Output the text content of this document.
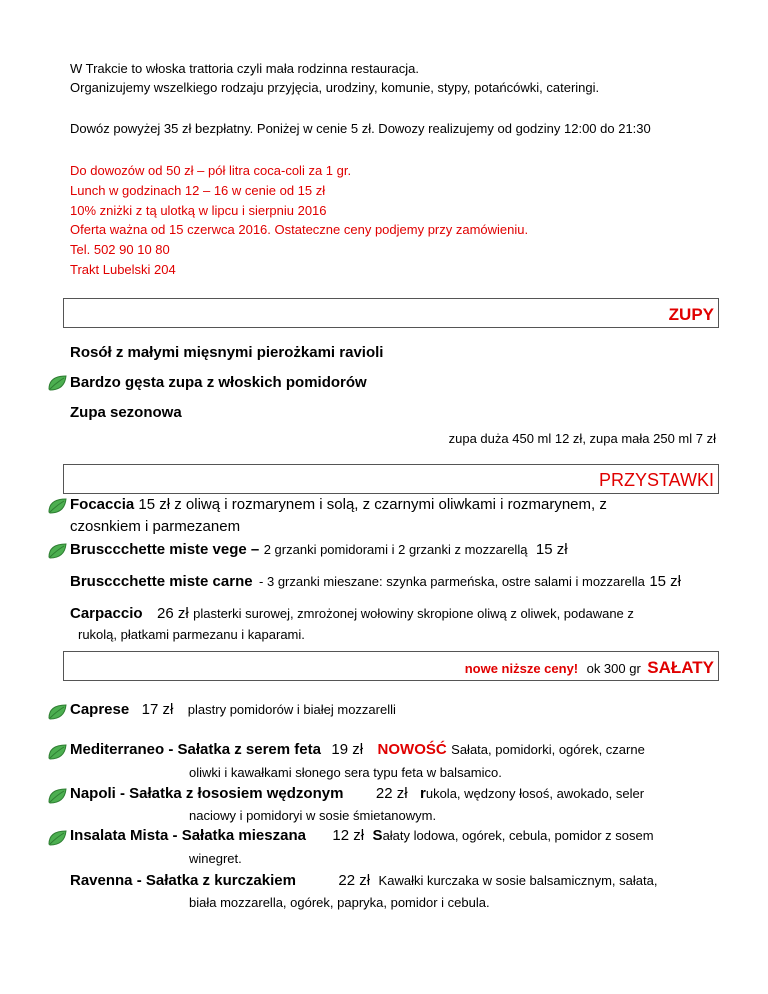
W Trakcie to włoska trattoria czyli mała rodzinna restauracja.
Organizujemy wszelkiego rodzaju przyjęcia, urodziny, komunie, stypy, potańcówki, cateringi.
Dowóz powyżej 35 zł bezpłatny. Poniżej w cenie 5 zł. Dowozy realizujemy od godziny 12:00 do 21:30
Do dowozów od 50 zł – pół litra coca-coli za 1 gr.
Lunch w godzinach 12 – 16 w cenie od 15 zł
10% zniżki z tą ulotką w lipcu i sierpniu 2016
Oferta ważna od 15 czerwca 2016. Ostateczne ceny podjemy przy zamówieniu.
Tel. 502 90 10 80
Trakt Lubelski 204
ZUPY
Rosół z małymi mięsnymi pierożkami ravioli
Bardzo gęsta zupa z włoskich pomidorów
Zupa sezonowa
zupa duża 450 ml 12 zł, zupa mała 250 ml 7 zł
PRZYSTAWKI
Focaccia 15 zł z oliwą i rozmarynem i solą, z czarnymi oliwkami i rozmarynem, z
czosnkiem i parmezanem
Brusccchette miste vege – 2 grzanki pomidorami i 2 grzanki z mozzarellą 15 zł
Brusccchette miste carne - 3 grzanki mieszane: szynka parmeńska, ostre salami i mozzarella 15 zł
Carpaccio 26 zł plasterki surowej, zmrożonej wołowiny skropione oliwą z oliwek, podawane z
rukolą, płatkami parmezanu i kaparami.
nowe niższe ceny! ok 300 gr SAŁATY
Caprese 17 zł plastry pomidorów i białej mozzarelli
Mediterraneo - Sałatka z serem feta 19 zł NOWOŚĆ Sałata, pomidorki, ogórek, czarne
oliwki i kawałkami słonego sera typu feta w balsamico.
Napoli - Sałatka z łososiem wędzonym 22 zł rukola, wędzony łosoś, awokado, seler
naciowy i pomidoryi w sosie śmietanowym.
Insalata Mista - Sałatka mieszana 12 zł Sałaty lodowa, ogórek, cebula, pomidor z sosem
winegret.
Ravenna - Sałatka z kurczakiem	22 zł Kawałki kurczaka w sosie balsamicznym, sałata,
biała mozzarella, ogórek, papryka, pomidor i cebula.
